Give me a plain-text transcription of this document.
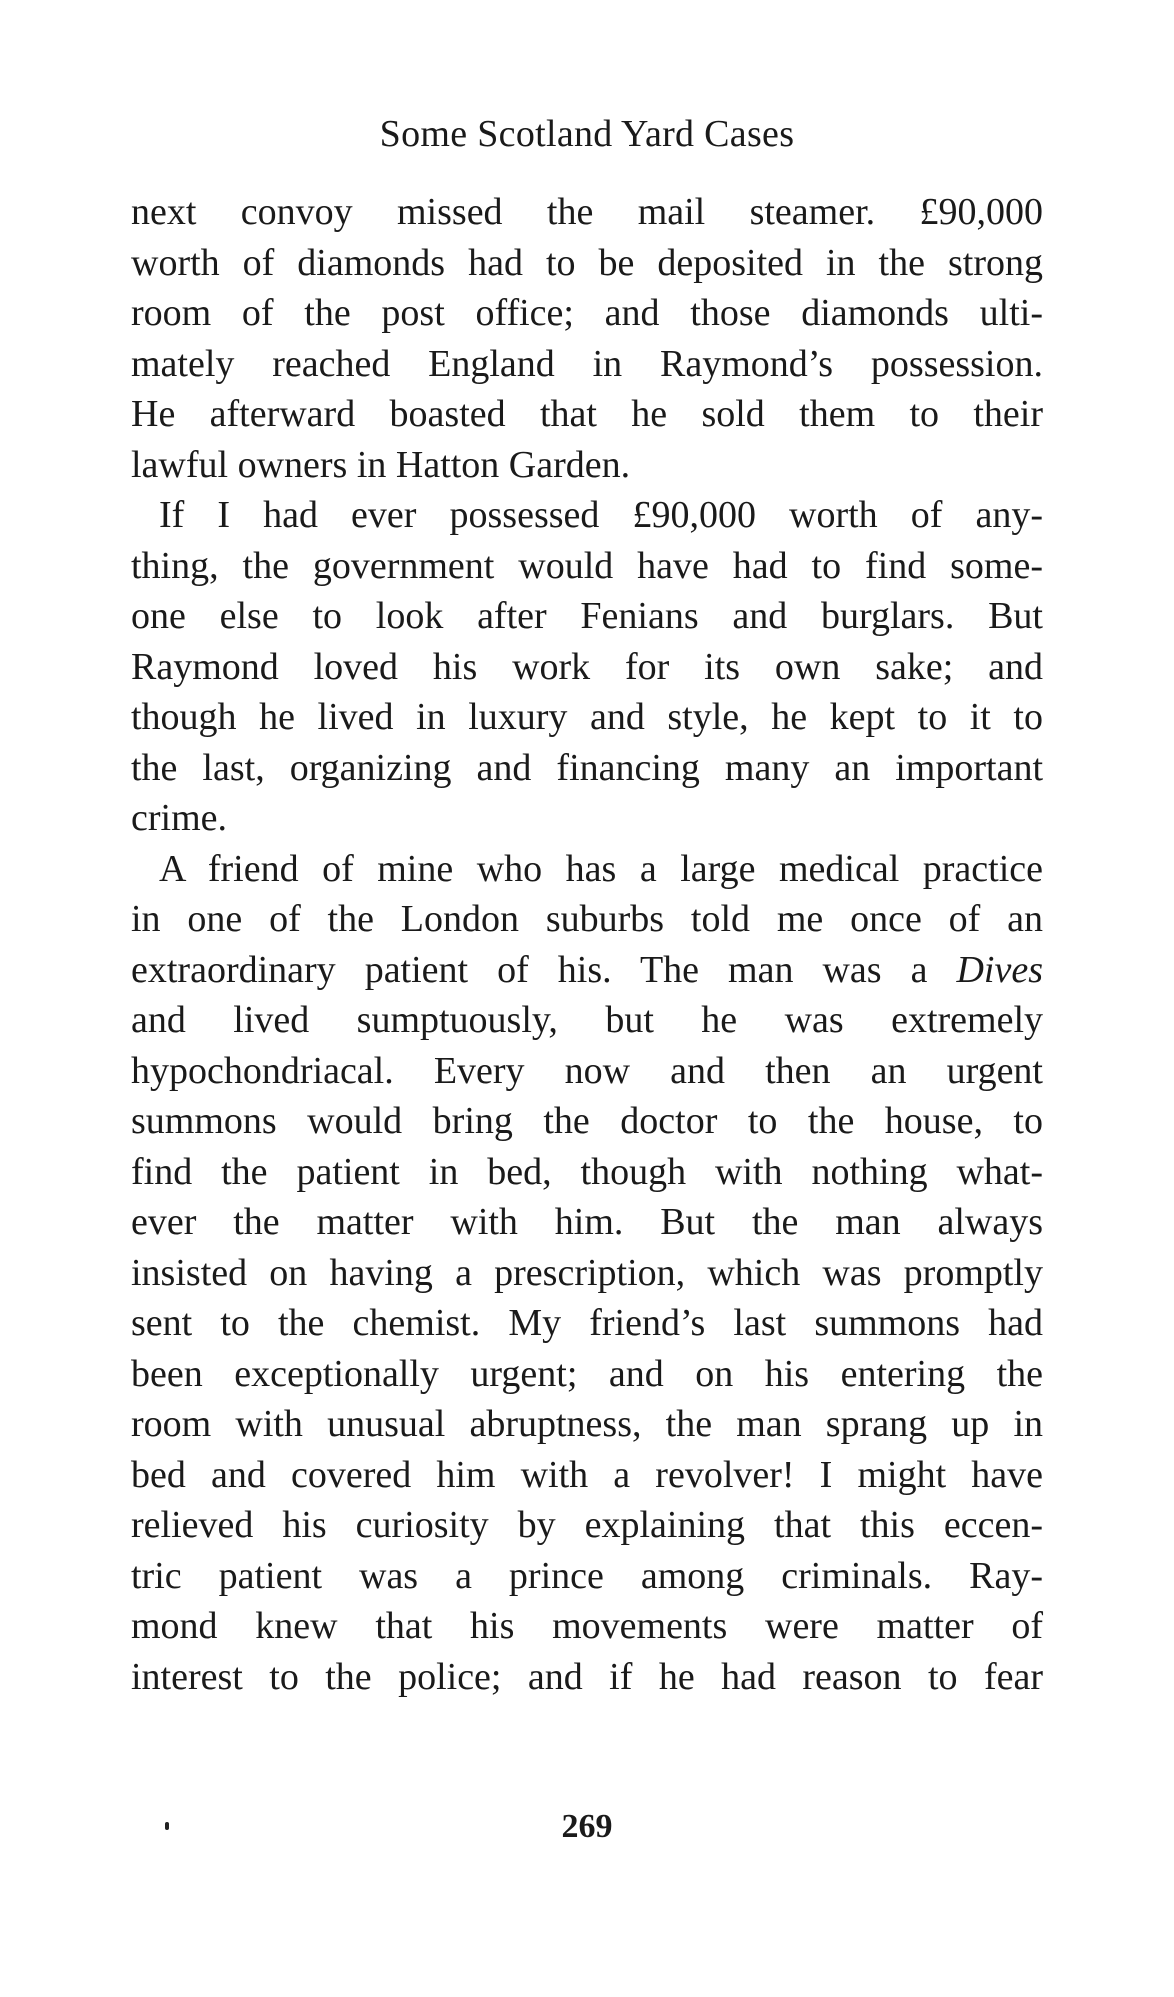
Some Scotland Yard Cases
next convoy missed the mail steamer. £90,000
worth of diamonds had to be deposited in the strong
room of the post office; and those diamonds ulti-
mately reached England in Raymond’s possession.
He afterward boasted that he sold them to their
lawful owners in Hatton Garden.
If I had ever possessed £90,000 worth of any-
thing, the government would have had to find some-
one else to look after Fenians and burglars. But
Raymond loved his work for its own sake; and
though he lived in luxury and style, he kept to it to
the last, organizing and financing many an important
crime.
A friend of mine who has a large medical practice
in one of the London suburbs told me once of an
extraordinary patient of his. The man was a Dives
and lived sumptuously, but he was extremely
hypochondriacal. Every now and then an urgent
summons would bring the doctor to the house, to
find the patient in bed, though with nothing what-
ever the matter with him. But the man always
insisted on having a prescription, which was promptly
sent to the chemist. My friend’s last summons had
been exceptionally urgent; and on his entering the
room with unusual abruptness, the man sprang up in
bed and covered him with a revolver! I might have
relieved his curiosity by explaining that this eccen-
tric patient was a prince among criminals. Ray-
mond knew that his movements were matter of
interest to the police; and if he had reason to fear
269
